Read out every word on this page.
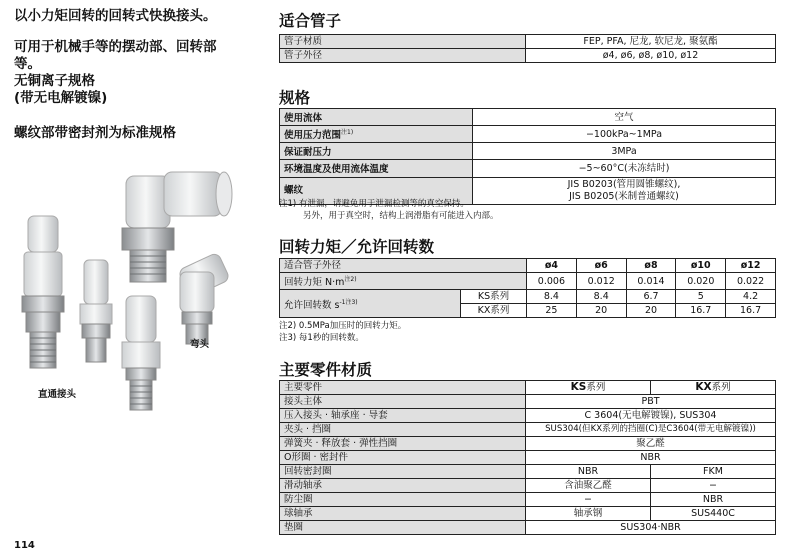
以小力矩回转的回转式快换接头。

可用于机械手等的摆动部、回转部

等。

无铜离子规格

(带无电解镀镍)

螺纹部带密封剂为标准规格

弯头
直通接头
114
适合管子
管子材质	FEP, PFA, 尼龙, 软尼龙, 聚氨酯
管子外径	ø4, ø6, ø8, ø10, ø12
规格
使用流体	空气
使用压力范围$^{注1)}$	−100kPa~1MPa
保证耐压力	3MPa
环境温度及使用流体温度	−5~60°C(未冻结时)
螺纹	JIS B0203(管用圆锥螺纹),
JIS B0205(米制普通螺纹)
注1) 有泄漏，请避免用于泄漏检测等的真空保持。
另外，用于真空时，结构上润滑脂有可能进入内部。
回转力矩／允许回转数
适合管子外径		ø4	ø6	ø8	ø10	ø12
回转力矩 $N\cdot m^{注2)}$		0.006	0.012	0.014	0.020	0.022
允许回转数 $s^{-1注3)}$	KS系列	8.4	8.4	6.7	5	4.2
	KX系列	25	20	20	16.7	16.7
注2) 0.5MPa加压时的回转力矩。
注3) 每1秒的回转数。
主要零件材质
主要零件	KS系列	KX系列
接头主体	PBT	
压入接头 · 轴承座 · 导套	C 3604(无电解镀镍), SUS304	
夹头 · 挡圈	SUS304(但KX系列的挡圈(C)是C3604(带无电解镀镍))	
弹簧夹 · 释放套 · 弹性挡圈	聚乙醛	
O形圈 · 密封件	NBR	
回转密封圈	NBR	FKM
滑动轴承	含油聚乙醛	−
防尘圈	−	NBR
球轴承	轴承钢	SUS440C
垫圈	SUS304·NBR	
